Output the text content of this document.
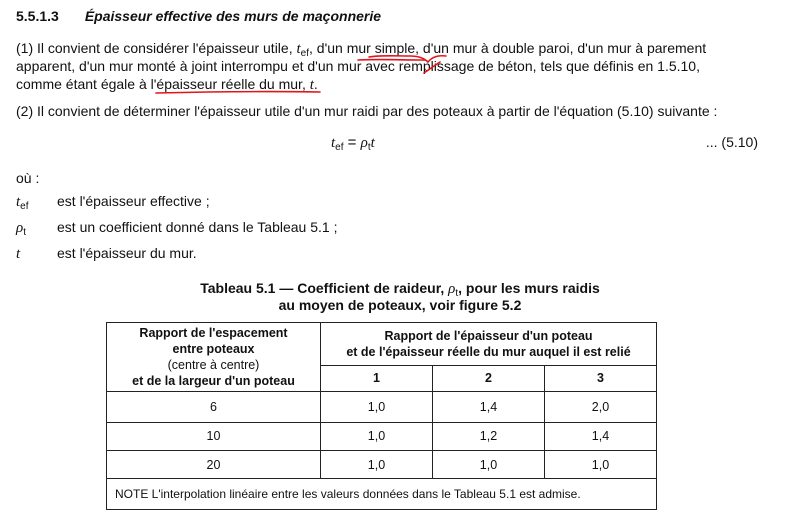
5.5.1.3 Épaisseur effective des murs de maçonnerie
(1) Il convient de considérer l'épaisseur utile, $t_{ef}$, d'un mur simple, d'un mur à double paroi, d'un mur à parement
apparent, d'un mur monté à joint interrompu et d'un mur avec remplissage de béton, tels que définis en 1.5.10,
comme étant égale à l'épaisseur réelle du mur, t.
(2) Il convient de déterminer l'épaisseur utile d'un mur raidi par des poteaux à partir de l'équation (5.10) suivante :
$t_{ef} = \rho_tt$	... (5.10)
où :
$t_{ef}$ est l'épaisseur effective ;
$\rho_t$ est un coefficient donné dans le Tableau 5.1 ;
t	est l'épaisseur du mur.
Tableau 5.1 — Coefficient de raideur, $\rho_t$, pour les murs raidis
au moyen de poteaux, voir figure 5.2
Rapport de l'espacement
entre poteaux
(centre à centre)
et de la largeur d'un poteau	Rapport de l'épaisseur d'un poteau
et de l'épaisseur réelle du mur auquel il est relié		

	1	2	3
6	1,0	1,4	2,0
10	1,0	1,2	1,4
20	1,0	1,0	1,0
NOTE L'interpolation linéaire entre les valeurs données dans le Tableau 5.1 est admise.			
